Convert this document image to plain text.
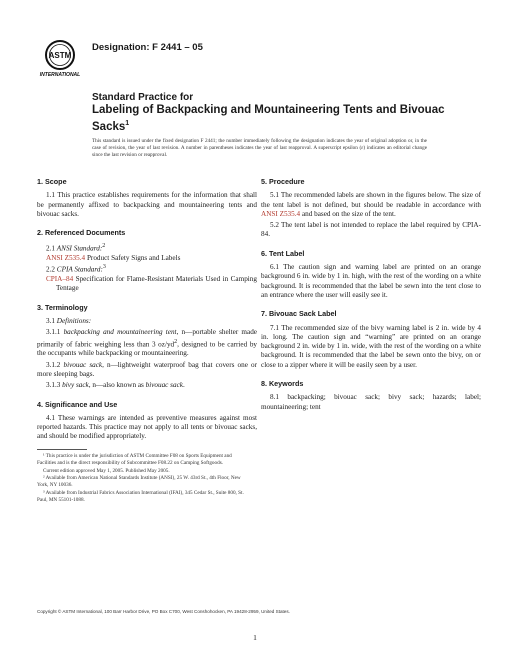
ASTM
INTERNATIONAL
Designation: F 2441 – 05
Standard Practice for
Labeling of Backpacking and Mountaineering Tents and Bivouac Sacks$^1$
This standard is issued under the fixed designation F 2441; the number immediately following the designation indicates the year of original adoption or, in the case of revision, the year of last revision. A number in parentheses indicates the year of last reapproval. A superscript epsilon (ε) indicates an editorial change since the last revision or reapproval.
1. Scope
1.1 This practice establishes requirements for the information that shall be permanently affixed to backpacking and mountaineering tents and bivouac sacks.
2. Referenced Documents
2.1 ANSI Standard:$^2$
ANSI Z535.4 Product Safety Signs and Labels
2.2 CPIA Standard:$^3$
CPIA–84 Specification for Flame-Resistant Materials Used in Camping Tentage
3. Terminology
3.1 Definitions:
3.1.1 backpacking and mountaineering tent, n—portable shelter made primarily of fabric weighing less than 3 $oz/yd^2$, designed to be carried by the occupants while backpacking or mountaineering.
3.1.2 bivouac sack, n—lightweight waterproof bag that covers one or more sleeping bags.
3.1.3 bivy sack, n—also known as bivouac sack.
4. Significance and Use
4.1 These warnings are intended as preventive measures against most reported hazards. This practice may not apply to all tents or bivouac sacks, and should be modified appropriately.
5. Procedure
5.1 The recommended labels are shown in the figures below. The size of the tent label is not defined, but should be readable in accordance with ANSI Z535.4 and based on the size of the tent.
5.2 The tent label is not intended to replace the label required by CPIA-84.
6. Tent Label
6.1 The caution sign and warning label are printed on an orange background 6 in. wide by 1 in. high, with the rest of the wording on a white background. It is recommended that the label be sewn into the tent close to an entrance where the user will easily see it.
7. Bivouac Sack Label
7.1 The recommended size of the bivy warning label is 2 in. wide by 4 in. long. The caution sign and “warning” are printed on an orange background 2 in. wide by 1 in. wide, with the rest of the wording on a white background. It is recommended that the label be sewn onto the bivy, on or close to a zipper where it will be easily seen by a user.
8. Keywords
8.1 backpacking; bivouac sack; bivy sack; hazards; label; mountaineering; tent
¹ This practice is under the jurisdiction of ASTM Committee F08 on Sports Equipment and Facilities and is the direct responsibility of Subcommittee F08.22 on Camping Softgoods.
Current edition approved May 1, 2005. Published May 2005.
² Available from American National Standards Institute (ANSI), 25 W. 43rd St., 4th Floor, New York, NY 10036.
³ Available from Industrial Fabrics Association International (IFAI), 345 Cedar St., Suite 800, St. Paul, MN 55101-1088.
Copyright © ASTM International, 100 Barr Harbor Drive, PO Box C700, West Conshohocken, PA 19428-2959, United States.
1
